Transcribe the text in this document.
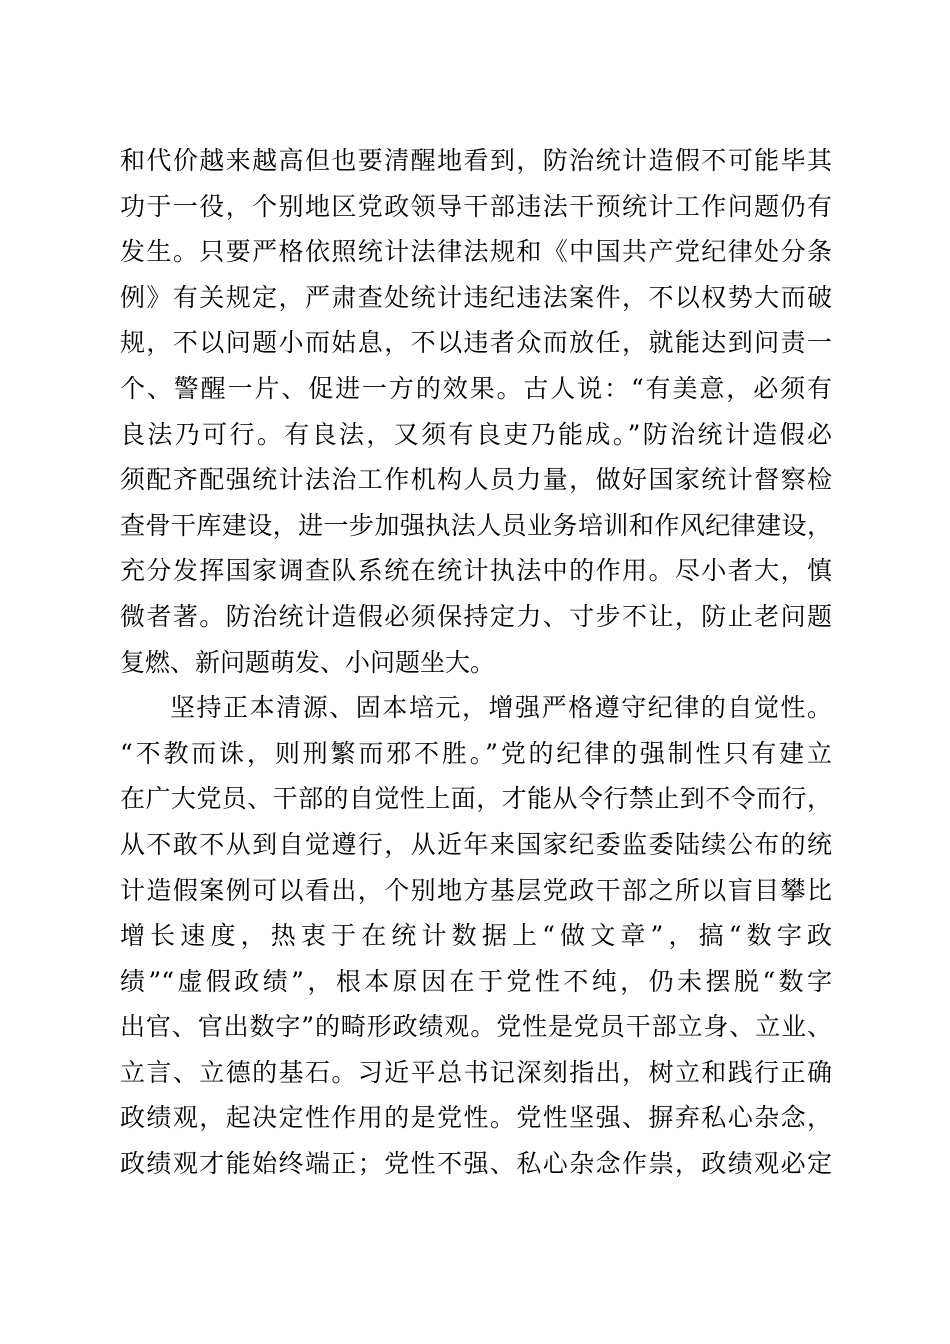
和代价越来越高但也要清醒地看到，防治统计造假不可能毕其
功于一役，个别地区党政领导干部违法干预统计工作问题仍有
发生。只要严格依照统计法律法规和《中国共产党纪律处分条
例》有关规定，严肃查处统计违纪违法案件，不以权势大而破
规，不以问题小而姑息，不以违者众而放任，就能达到问责一
个、警醒一片、促进一方的效果。古人说：“有美意，必须有
良法乃可行。有良法，又须有良吏乃能成。”防治统计造假必
须配齐配强统计法治工作机构人员力量，做好国家统计督察检
查骨干库建设，进一步加强执法人员业务培训和作风纪律建设，
充分发挥国家调查队系统在统计执法中的作用。尽小者大，慎
微者著。防治统计造假必须保持定力、寸步不让，防止老问题
复燃、新问题萌发、小问题坐大。
坚持正本清源、固本培元，增强严格遵守纪律的自觉性。
“不教而诛，则刑繁而邪不胜。”党的纪律的强制性只有建立
在广大党员、干部的自觉性上面，才能从令行禁止到不令而行，
从不敢不从到自觉遵行，从近年来国家纪委监委陆续公布的统
计造假案例可以看出，个别地方基层党政干部之所以盲目攀比
增长速度，热衷于在统计数据上“做文章”，搞“数字政
绩”“虚假政绩”，根本原因在于党性不纯，仍未摆脱“数字
出官、官出数字”的畸形政绩观。党性是党员干部立身、立业、
立言、立德的基石。习近平总书记深刻指出，树立和践行正确
政绩观，起决定性作用的是党性。党性坚强、摒弃私心杂念，
政绩观才能始终端正；党性不强、私心杂念作祟，政绩观必定
